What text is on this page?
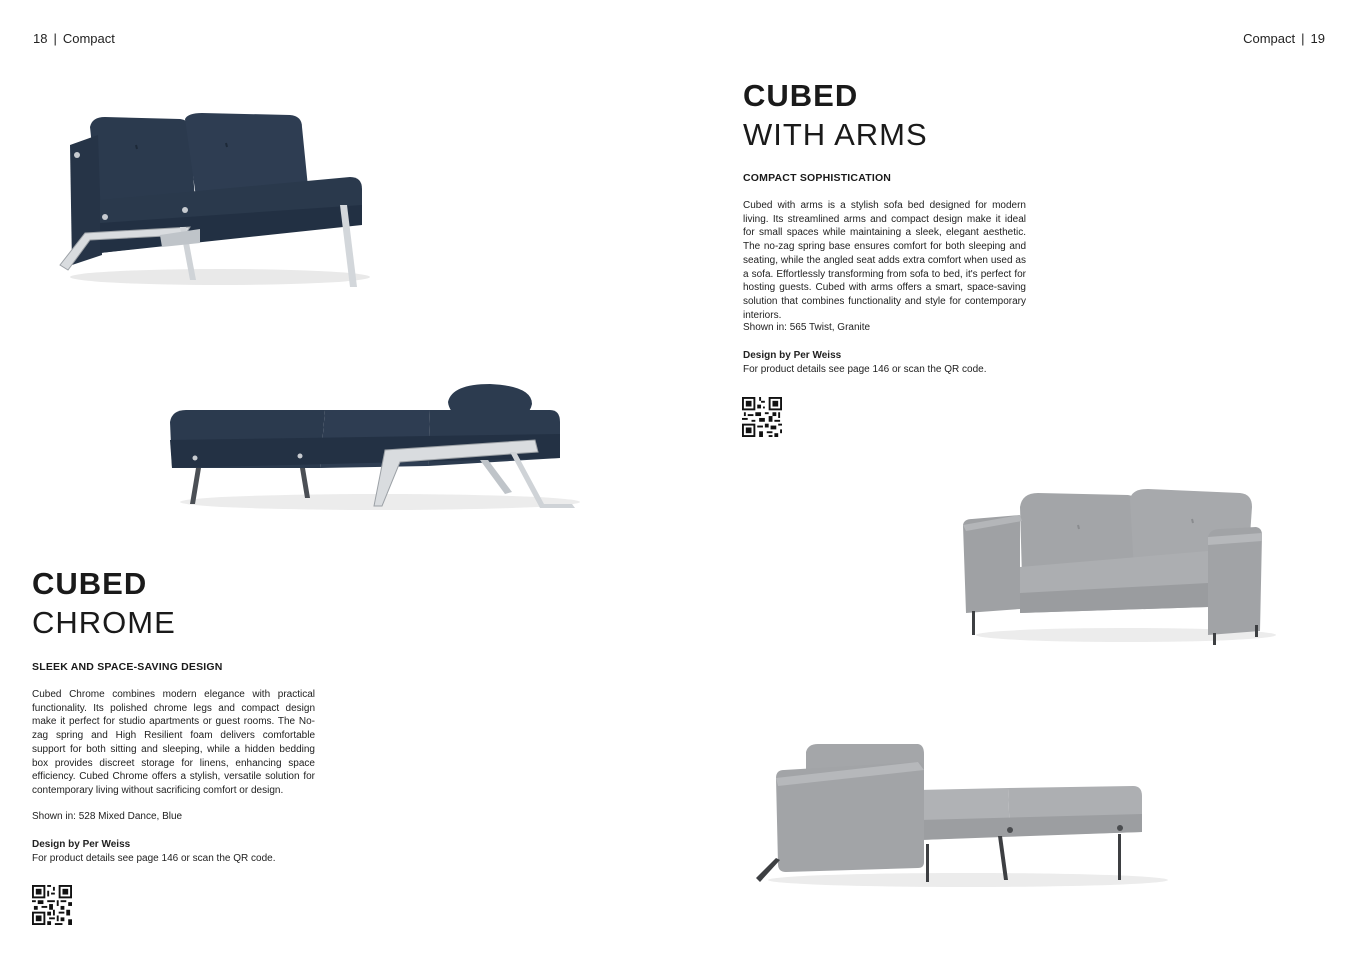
18 | Compact
CUBED
CHROME
SLEEK AND SPACE-SAVING DESIGN
Cubed Chrome combines modern elegance with practical functionality. Its polished chrome legs and compact design make it perfect for studio apartments or guest rooms. The No-zag spring and High Resilient foam delivers comfortable support for both sitting and sleeping, while a hidden bedding box provides discreet storage for linens, enhancing space efficiency. Cubed Chrome offers a stylish, versatile solution for contemporary living without sacrificing comfort or design.
Shown in: 528 Mixed Dance, Blue
Design by Per Weiss
For product details see page 146 or scan the QR code.
Compact | 19
CUBED
WITH ARMS
COMPACT SOPHISTICATION
Cubed with arms is a stylish sofa bed designed for modern living. Its streamlined arms and compact design make it ideal for small spaces while maintaining a sleek, elegant aesthetic. The no-zag spring base ensures comfort for both sleeping and seating, while the angled seat adds extra comfort when used as a sofa. Effortlessly transforming from sofa to bed, it's perfect for hosting guests. Cubed with arms offers a smart, space-saving solution that combines functionality and style for contemporary interiors.
Shown in: 565 Twist, Granite
Design by Per Weiss
For product details see page 146 or scan the QR code.
